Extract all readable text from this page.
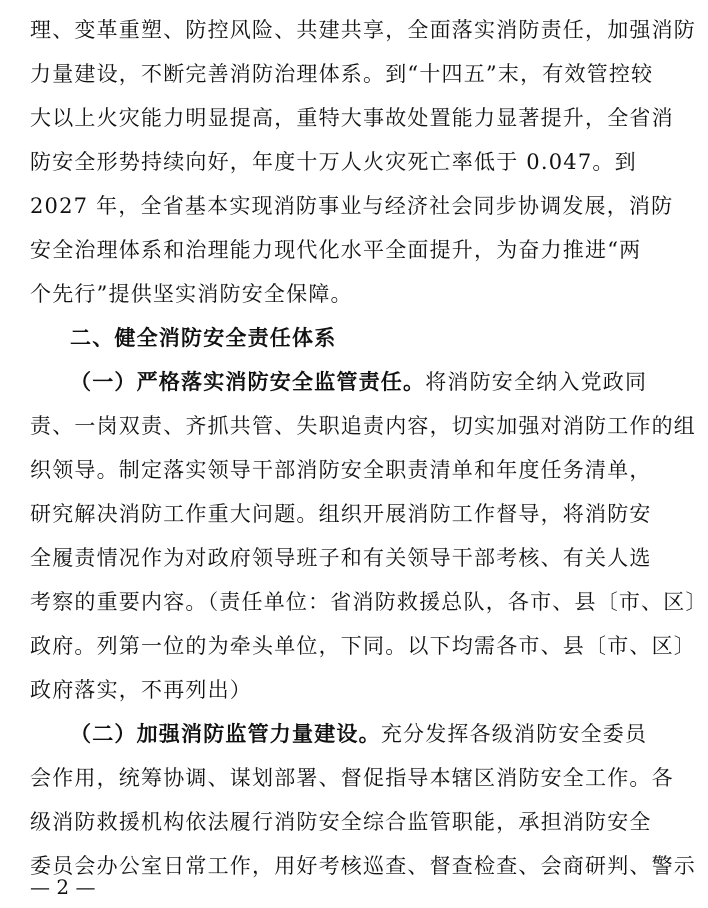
理、变革重塑、防控风险、共建共享，全面落实消防责任，加强消防
力量建设，不断完善消防治理体系。到“十四五”末，有效管控较
大以上火灾能力明显提高，重特大事故处置能力显著提升，全省消
防安全形势持续向好，年度十万人火灾死亡率低于 0.047。到
2027 年，全省基本实现消防事业与经济社会同步协调发展，消防
安全治理体系和治理能力现代化水平全面提升，为奋力推进“两
个先行”提供坚实消防安全保障。
二、健全消防安全责任体系
（一）严格落实消防安全监管责任。将消防安全纳入党政同
责、一岗双责、齐抓共管、失职追责内容，切实加强对消防工作的组
织领导。制定落实领导干部消防安全职责清单和年度任务清单，
研究解决消防工作重大问题。组织开展消防工作督导，将消防安
全履责情况作为对政府领导班子和有关领导干部考核、有关人选
考察的重要内容。（责任单位：省消防救援总队，各市、县〔市、区〕
政府。列第一位的为牵头单位，下同。以下均需各市、县〔市、区〕
政府落实，不再列出）
（二）加强消防监管力量建设。充分发挥各级消防安全委员
会作用，统筹协调、谋划部署、督促指导本辖区消防安全工作。各
级消防救援机构依法履行消防安全综合监管职能，承担消防安全
委员会办公室日常工作，用好考核巡查、督查检查、会商研判、警示
— 2 —
